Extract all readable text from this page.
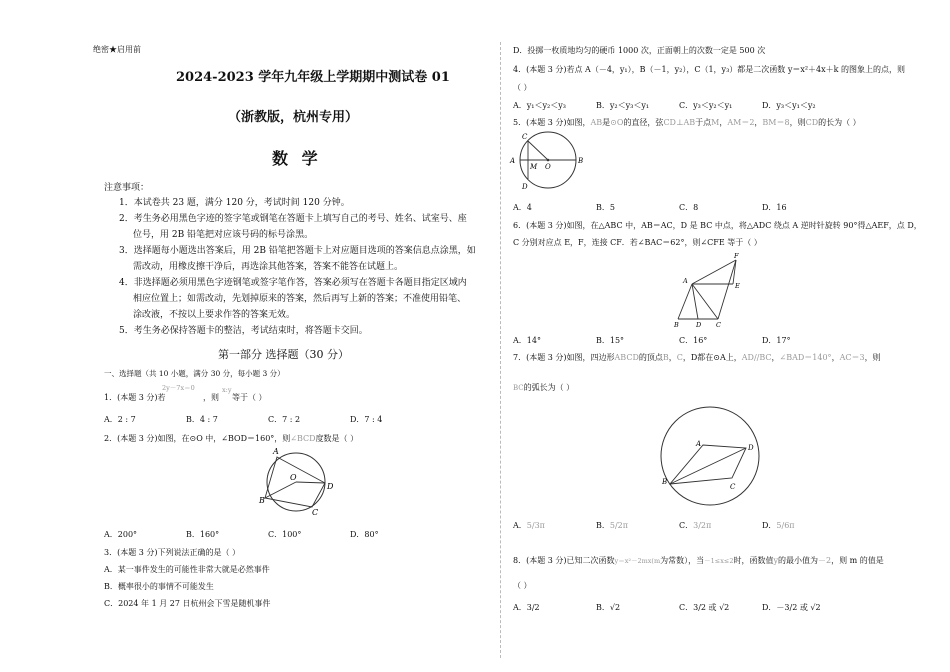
绝密★启用前
2024-2023 学年九年级上学期期中测试卷 01
（浙教版，杭州专用）
数 学
注意事项：
1．本试卷共 23 题，满分 120 分，考试时间 120 分钟。
2．考生务必用黑色字迹的签字笔或钢笔在答题卡上填写自己的考号、姓名、试室号、座
位号，用 2B 铅笔把对应该号码的标号涂黑。
3．选择题每小题选出答案后，用 2B 铅笔把答题卡上对应题目选项的答案信息点涂黑，如
需改动，用橡皮擦干净后，再选涂其他答案，答案不能答在试题上。
4．非选择题必须用黑色字迹钢笔或签字笔作答，答案必须写在答题卡各题目指定区域内
相应位置上；如需改动，先划掉原来的答案，然后再写上新的答案；不准使用铅笔、
涂改液，不按以上要求作答的答案无效。
5．考生务必保持答题卡的整洁，考试结束时，将答题卡交回。
第一部分 选择题（30 分）
一、选择题（共 10 小题，满分 30 分，每小题 3 分）
2y－7x＝0	x:y
1．(本题 3 分)若	，则 等于（ ）
A．2 : 7	B．4 : 7	C．7 : 2	D．7 : 4
2．(本题 3 分)如图，在⊙O 中，∠BOD＝160°，则∠BCD度数是（ ）
A
O
B
D
C
A．200°	B．160°	C．100°	D．80°
3．(本题 3 分)下列说法正确的是（ ）
A．某一事件发生的可能性非常大就是必然事件
B．概率很小的事情不可能发生
C．2024 年 1 月 27 日杭州会下雪是随机事件
D．投掷一枚质地均匀的硬币 1000 次，正面朝上的次数一定是 500 次
4．(本题 3 分)若点 A（－4，y₁），B（－1，y₂），C（1，y₃）都是二次函数 y＝x²＋4x＋k 的图象上的点，则
（ ）
A．y₁＜y₂＜y₃	B．y₂＜y₃＜y₁	C．y₃＜y₂＜y₁	D．y₃＜y₁＜y₂
5．(本题 3 分)如图，AB是⊙O的直径，弦CD⊥AB于点M，AM＝2，BM＝8，则CD的长为（ ）
C
A
M O
B
D
A．4	B．5	C．8	D．16
6．(本题 3 分)如图，在△ABC 中，AB＝AC，D 是 BC 中点，将△ADC 绕点 A 逆时针旋转 90°得△AEF，点 D，
C 分别对应点 E，F，连接 CF．若∠BAC＝62°，则∠CFE 等于（ ）
F
E
A
B	D C
A．14°	B．15°	C．16°	D．17°
7．(本题 3 分)如图，四边形ABCD的顶点B，C，D都在⊙A上，AD//BC，∠BAD＝140°，AC＝3，则
BC的弧长为（ ）
A	D
B
C
A．5/3π	B．5/2π	C．3/2π	D．5/6π
8．(本题 3 分)已知二次函数y＝x²－2mx(m为常数），当－1≤x≤2时，函数值y的最小值为－2，则 m 的值是
（ ）
A．3/2	B．√2	C．3/2 或 √2	D．－3/2 或 √2
